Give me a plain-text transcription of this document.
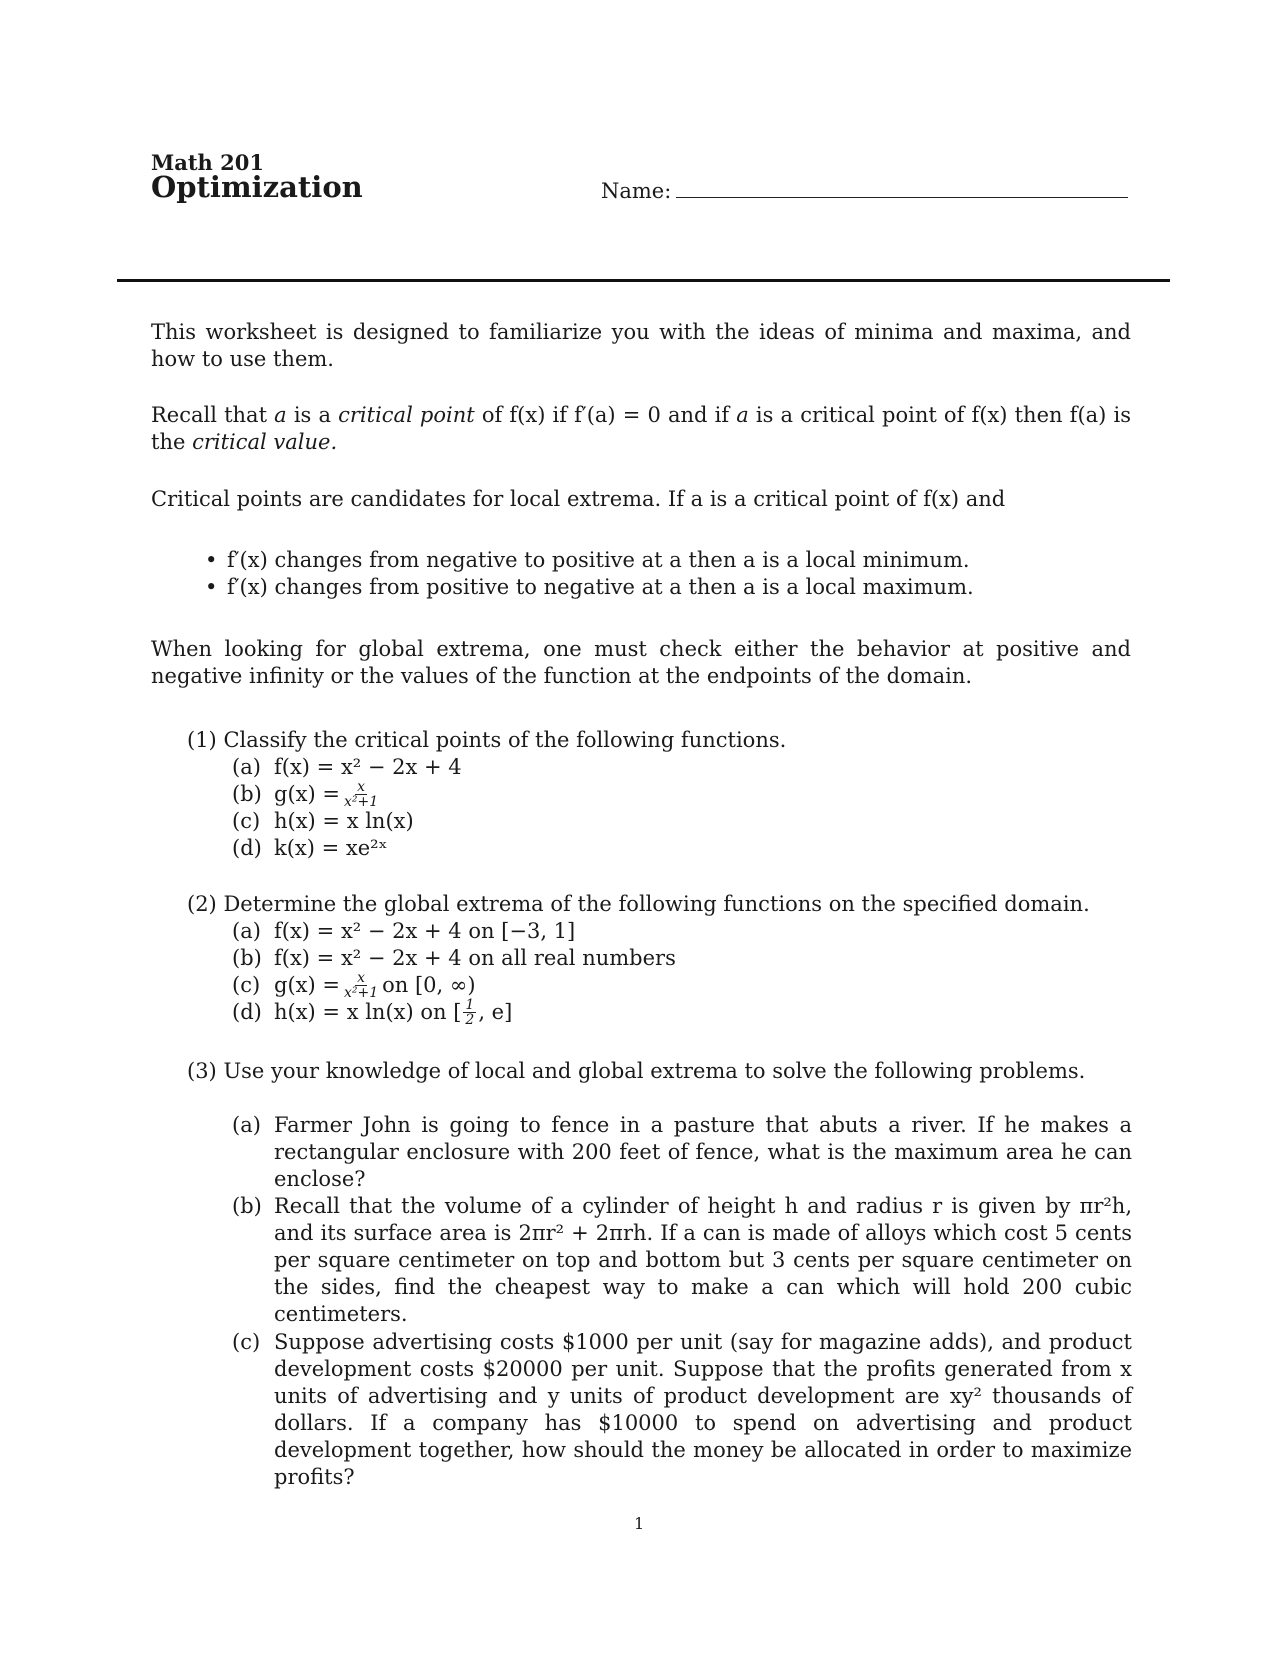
Math 201
Optimization	Name:
This worksheet is designed to familiarize you with the ideas of minima and maxima, and how to use them.
Recall that a is a critical point of f(x) if f′(a) = 0 and if a is a critical point of f(x) then f(a) is the critical value.
Critical points are candidates for local extrema. If a is a critical point of f(x) and
• f′(x) changes from negative to positive at a then a is a local minimum.
• f′(x) changes from positive to negative at a then a is a local maximum.
When looking for global extrema, one must check either the behavior at positive and negative infinity or the values of the function at the endpoints of the domain.
(1) Classify the critical points of the following functions.
(a) f(x) = x² − 2x + 4
(b) $g(x) = \frac{x}{\text{x²+1}}$
(c) h(x) = x ln(x)
(d) k(x) = xe²ˣ
(2) Determine the global extrema of the following functions on the specified domain.
(a) f(x) = x² − 2x + 4 on [−3, 1]
(b) f(x) = x² − 2x + 4 on all real numbers
(c) $g(x) = \frac{x}{\text{x²+1}}$ on [0, ∞)
(d) h(x) = x ln(x) on [ $\frac{1}{2}$ , e]
(3) Use your knowledge of local and global extrema to solve the following problems.
(a) Farmer John is going to fence in a pasture that abuts a river. If he makes a rectangular enclosure with 200 feet of fence, what is the maximum area he can enclose?
(b) Recall that the volume of a cylinder of height h and radius r is given by πr²h, and its surface area is 2πr² + 2πrh. If a can is made of alloys which cost 5 cents per square centimeter on top and bottom but 3 cents per square centimeter on the sides, find the cheapest way to make a can which will hold 200 cubic centimeters.
(c) Suppose advertising costs $1000 per unit (say for magazine adds), and product development costs $20000 per unit. Suppose that the profits generated from x units of advertising and y units of product development are xy² thousands of dollars. If a company has $10000 to spend on advertising and product development together, how should the money be allocated in order to maximize profits?
1
